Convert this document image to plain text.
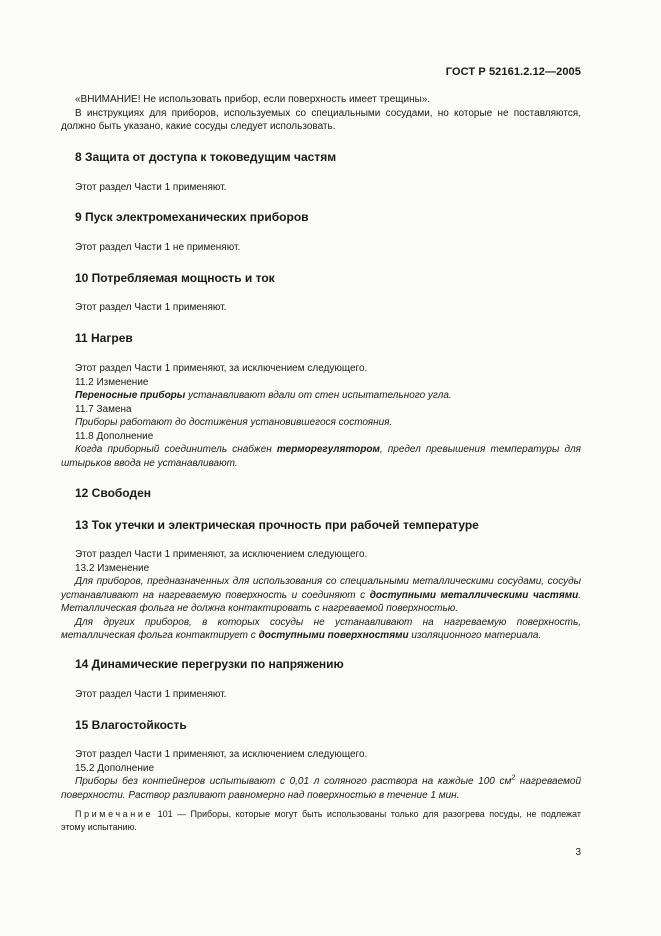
ГОСТ Р 52161.2.12—2005

«ВНИМАНИЕ! Не использовать прибор, если поверхность имеет трещины».

В инструкциях для приборов, используемых со специальными сосудами, но которые не поставляются, должно быть указано, какие сосуды следует использовать.

8 Защита от доступа к токоведущим частям

Этот раздел Части 1 применяют.

9 Пуск электромеханических приборов

Этот раздел Части 1 не применяют.

10 Потребляемая мощность и ток

Этот раздел Части 1 применяют.

11 Нагрев

Этот раздел Части 1 применяют, за исключением следующего.

11.2 Изменение

Переносные приборы устанавливают вдали от стен испытательного угла.

11.7 Замена

Приборы работают до достижения установившегося состояния.

11.8 Дополнение

Когда приборный соединитель снабжен терморегулятором, предел превышения температуры для штырьков ввода не устанавливают.

12 Свободен
13 Ток утечки и электрическая прочность при рабочей температуре

Этот раздел Части 1 применяют, за исключением следующего.

13.2 Изменение

Для приборов, предназначенных для использования со специальными металлическими сосудами, сосуды устанавливают на нагреваемую поверхность и соединяют с доступными металлическими частями. Металлическая фольга не должна контактировать с нагреваемой поверхностью.

Для других приборов, в которых сосуды не устанавливают на нагреваемую поверхность, металлическая фольга контактирует с доступными поверхностями изоляционного материала.

14 Динамические перегрузки по напряжению

Этот раздел Части 1 применяют.

15 Влагостойкость

Этот раздел Части 1 применяют, за исключением следующего.

15.2 Дополнение

Приборы без контейнеров испытывают с 0,01 л соляного раствора на каждые 100 $см^2$ нагреваемой поверхности. Раствор разливают равномерно над поверхностью в течение 1 мин.

Примечание 101 — Приборы, которые могут быть использованы только для разогрева посуды, не подлежат этому испытанию.

3
